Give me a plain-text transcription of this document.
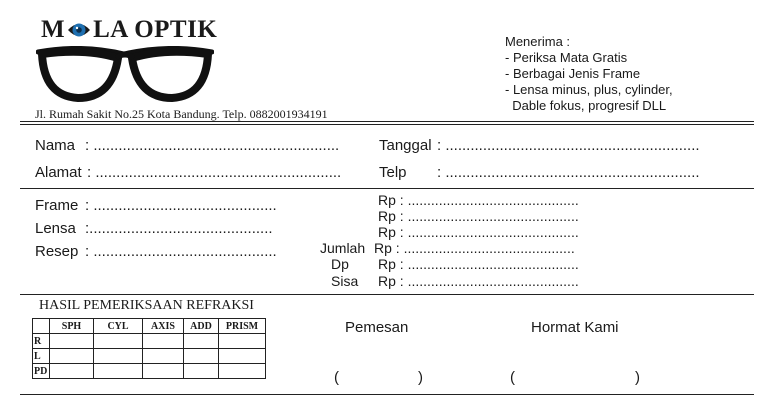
M LA OPTIK
Jl. Rumah Sakit No.25 Kota Bandung. Telp. 0882001934191
Menerima :
- Periksa Mata Gratis
- Berbagai Jenis Frame
- Lensa minus, plus, cylinder,
Dable fokus, progresif DLL
Nama : ...........................................................
Alamat : ...........................................................
Tanggal : .............................................................
Telp : .............................................................
Frame : ............................................
Lensa :............................................
Resep : ............................................
Rp : ............................................
Rp : ............................................
Rp : ............................................
Jumlah Rp : ............................................
Dp Rp : ............................................
Sisa Rp : ............................................
HASIL PEMERIKSAAN REFRAKSI
	SPH	CYL	AXIS	ADD	PRISM
R					
L					
PD					
Pemesan	Hormat Kami
(	)	(	)
